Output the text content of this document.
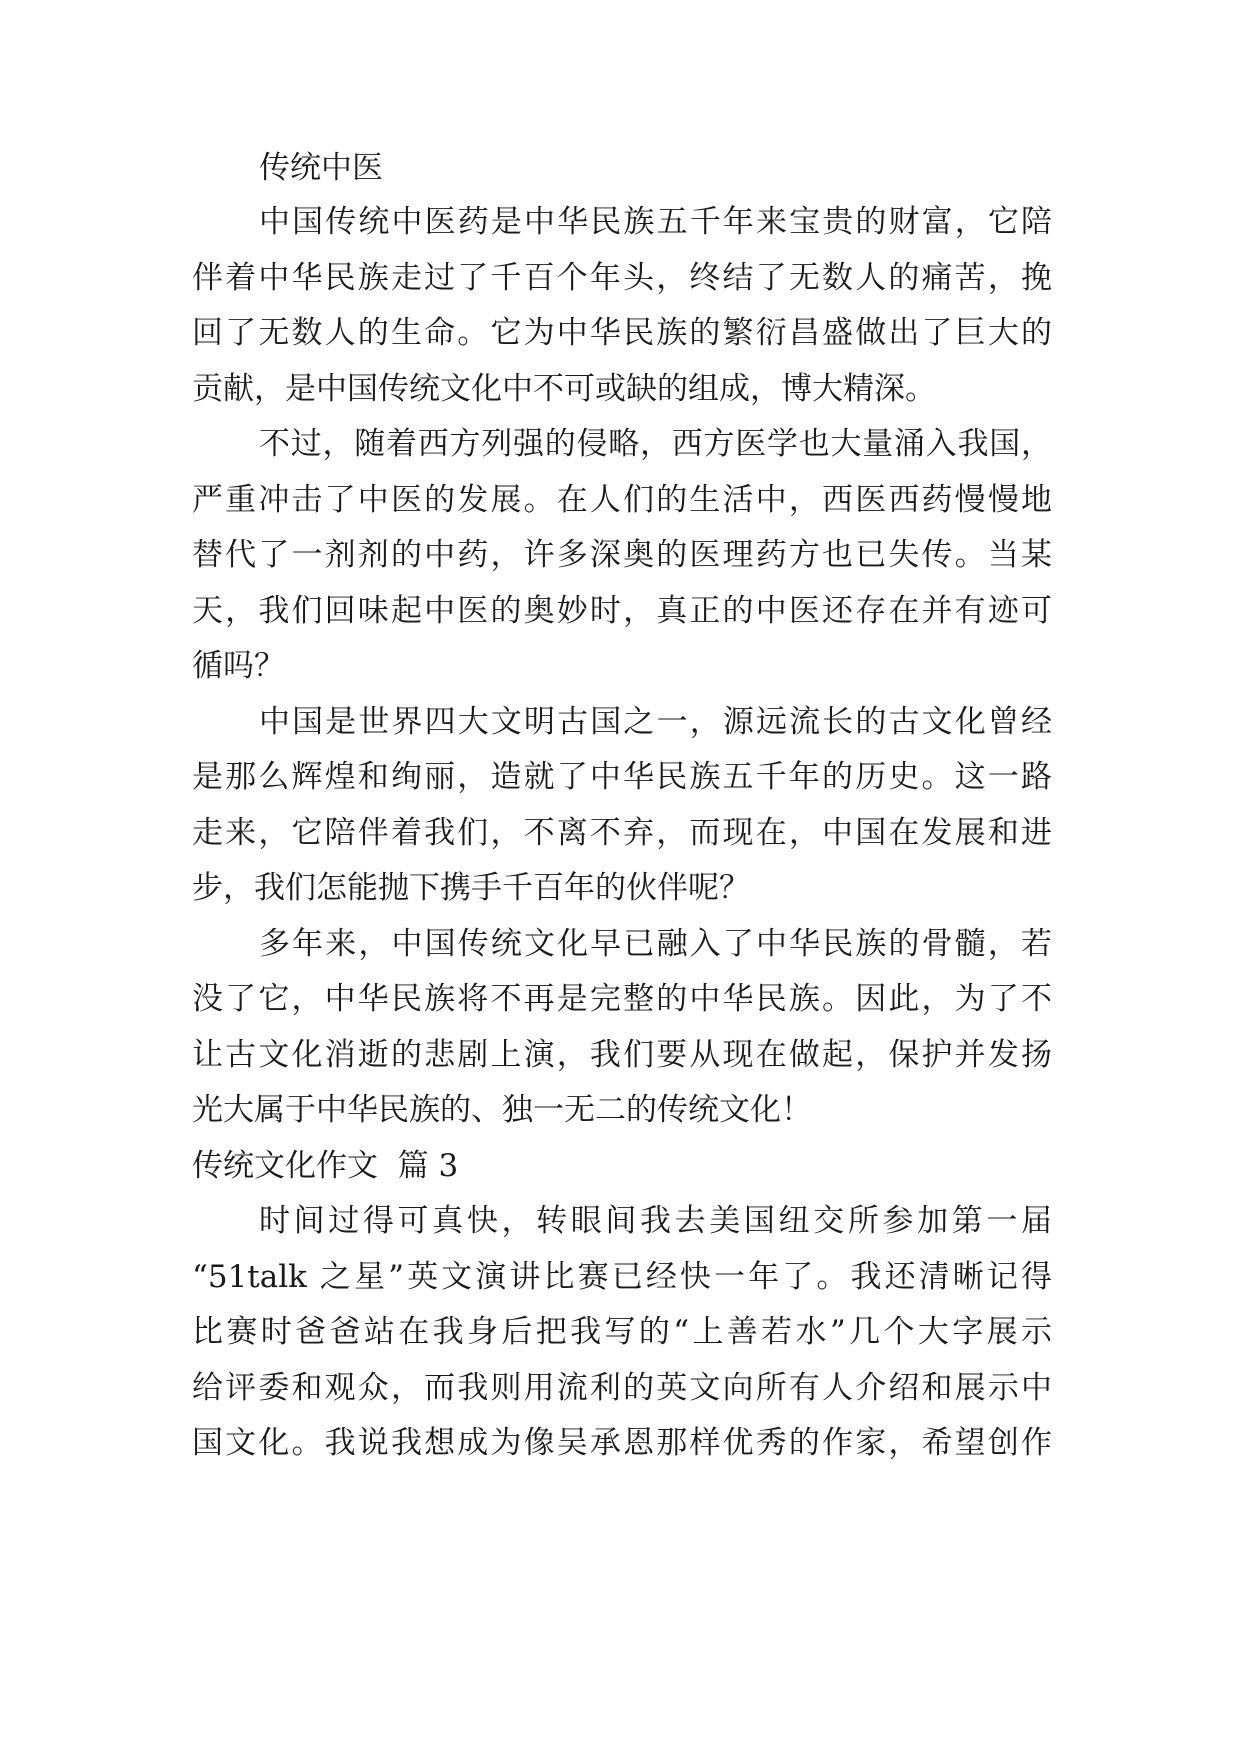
传统中医
中国传统中医药是中华民族五千年来宝贵的财富，它陪
伴着中华民族走过了千百个年头，终结了无数人的痛苦，挽
回了无数人的生命。它为中华民族的繁衍昌盛做出了巨大的
贡献，是中国传统文化中不可或缺的组成，博大精深。
不过，随着西方列强的侵略，西方医学也大量涌入我国，
严重冲击了中医的发展。在人们的生活中，西医西药慢慢地
替代了一剂剂的中药，许多深奥的医理药方也已失传。当某
天，我们回味起中医的奥妙时，真正的中医还存在并有迹可
循吗？
中国是世界四大文明古国之一，源远流长的古文化曾经
是那么辉煌和绚丽，造就了中华民族五千年的历史。这一路
走来，它陪伴着我们，不离不弃，而现在，中国在发展和进
步，我们怎能抛下携手千百年的伙伴呢？
多年来，中国传统文化早已融入了中华民族的骨髓，若
没了它，中华民族将不再是完整的中华民族。因此，为了不
让古文化消逝的悲剧上演，我们要从现在做起，保护并发扬
光大属于中华民族的、独一无二的传统文化！
传统文化作文  篇 3
时间过得可真快，转眼间我去美国纽交所参加第一届
“51talk 之星”英文演讲比赛已经快一年了。我还清晰记得
比赛时爸爸站在我身后把我写的“上善若水”几个大字展示
给评委和观众，而我则用流利的英文向所有人介绍和展示中
国文化。我说我想成为像吴承恩那样优秀的作家，希望创作
